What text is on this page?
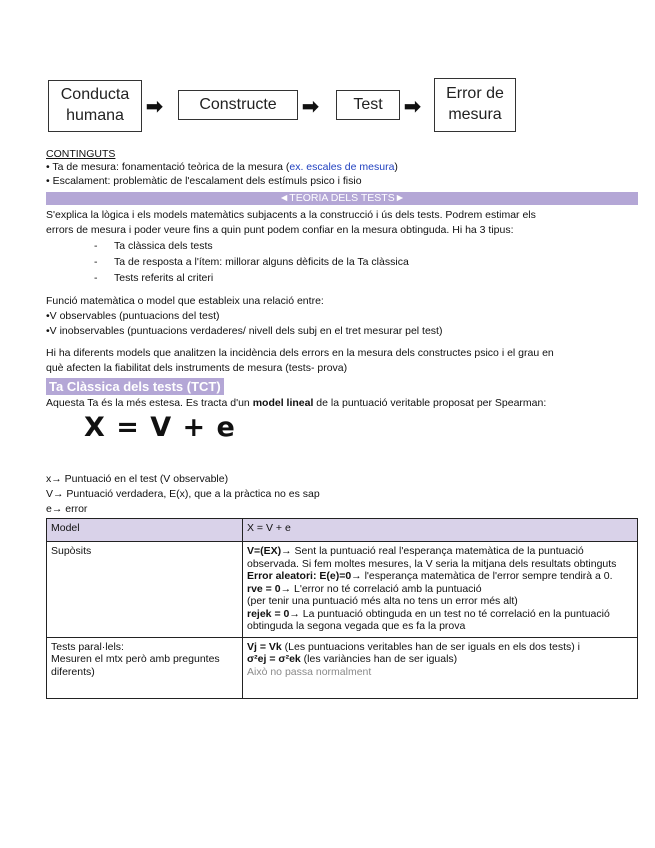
Conducta
humana ➡	Constructe	➡	Test	➡
Error de
mesura
CONTINGUTS
• Ta de mesura: fonamentació teòrica de la mesura (ex. escales de mesura)
• Escalament: problemàtic de l'escalament dels estímuls psico i fisio
◄TEORIA DELS TESTS►
S'explica la lògica i els models matemàtics subjacents a la construcció i ús dels tests. Podrem estimar els
errors de mesura i poder veure fins a quin punt podem confiar en la mesura obtinguda. Hi ha 3 tipus:
- Ta clàssica dels tests
- Ta de resposta a l'ítem: millorar alguns dèficits de la Ta clàssica
- Tests referits al criteri
Funció matemàtica o model que estableix una relació entre:
•V observables (puntuacions del test)
•V inobservables (puntuacions verdaderes/ nivell dels subj en el tret mesurar pel test)
Hi ha diferents models que analitzen la incidència dels errors en la mesura dels constructes psico i el grau en
què afecten la fiabilitat dels instruments de mesura (tests- prova)
Ta Clàssica dels tests (TCT)
Aquesta Ta és la més estesa. Es tracta d'un model lineal de la puntuació veritable proposat per Spearman:
X = V + e
x→ Puntuació en el test (V observable)
V→ Puntuació verdadera, E(x), que a la pràctica no es sap
e→ error
Model	X = V + e
Supòsits	V=(EX)→ Sent la puntuació real l'esperança matemàtica de la puntuació observada. Si fem moltes mesures, la V seria la mitjana dels resultats obtinguts
Error aleatori: E(e)=0→ l'esperança matemàtica de l'error sempre tendirà a 0.
rve = 0→ L'error no té correlació amb la puntuació
(per tenir una puntuació més alta no tens un error més alt)
rejek = 0→ La puntuació obtinguda en un test no té correlació en la puntuació obtinguda la segona vegada que es fa la prova
Tests paral·lels:
Mesuren el mtx però amb preguntes diferents)	Vj = Vk (Les puntuacions veritables han de ser iguals en els dos tests) i
σ²ej = σ²ek (les variàncies han de ser iguals)
Això no passa normalment
